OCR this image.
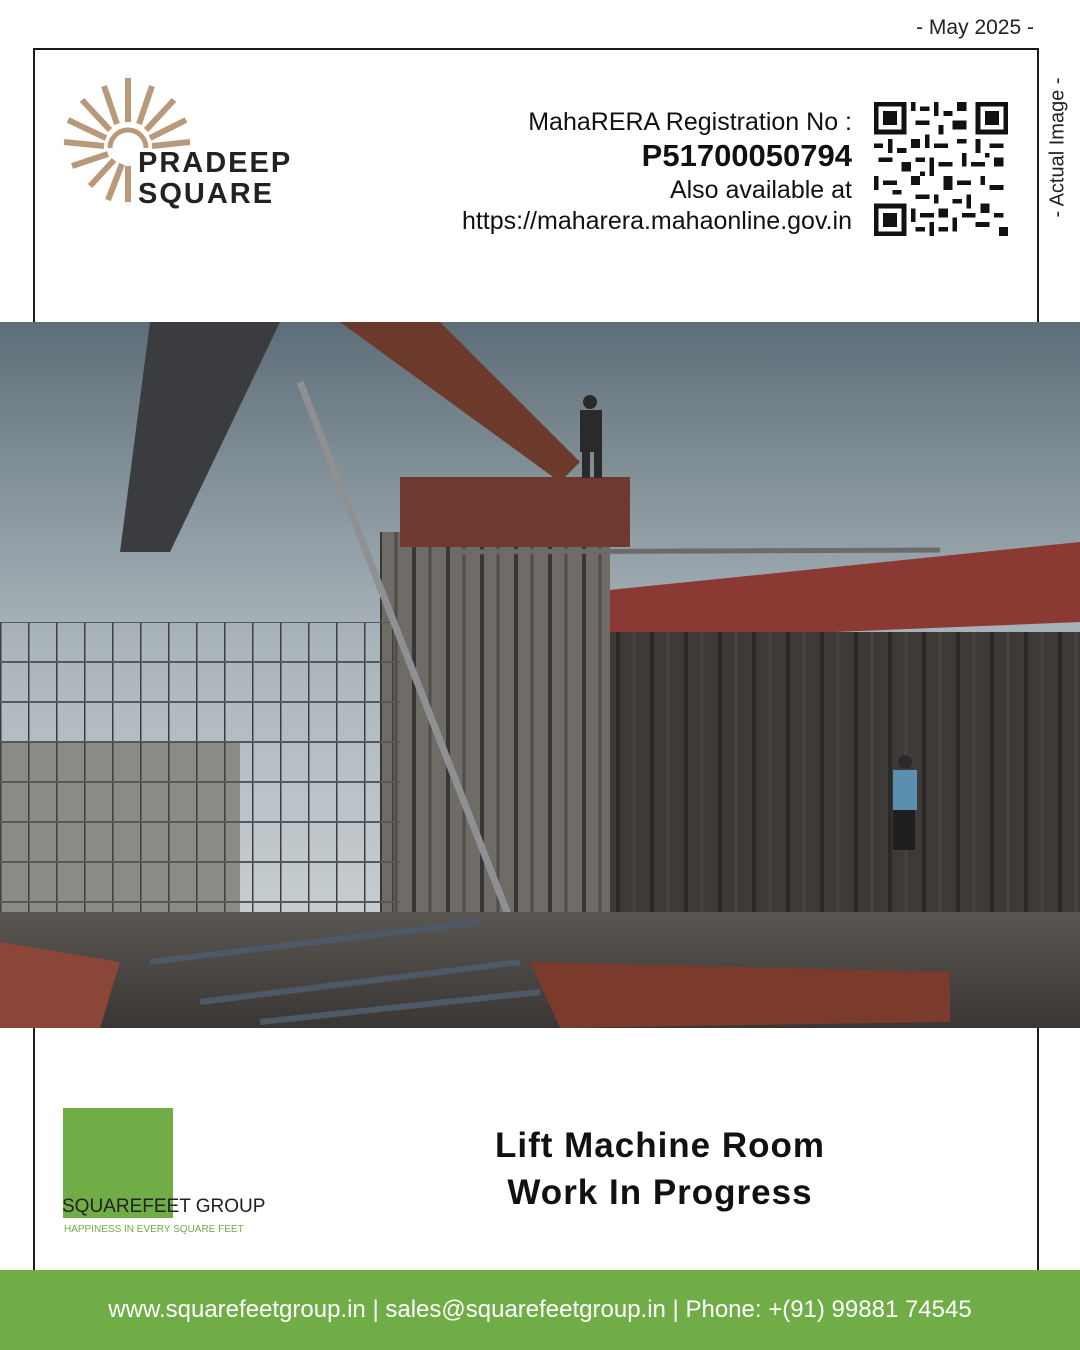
- May 2025 -
- Actual Image -
PRADEEP
SQUARE
MahaRERA Registration No :
P51700050794
Also available at
https://maharera.mahaonline.gov.in
SQUAREFEET GROUP
HAPPINESS IN EVERY SQUARE FEET
Lift Machine Room
Work In Progress
www.squarefeetgroup.in | sales@squarefeetgroup.in | Phone: +(91) 99881 74545
